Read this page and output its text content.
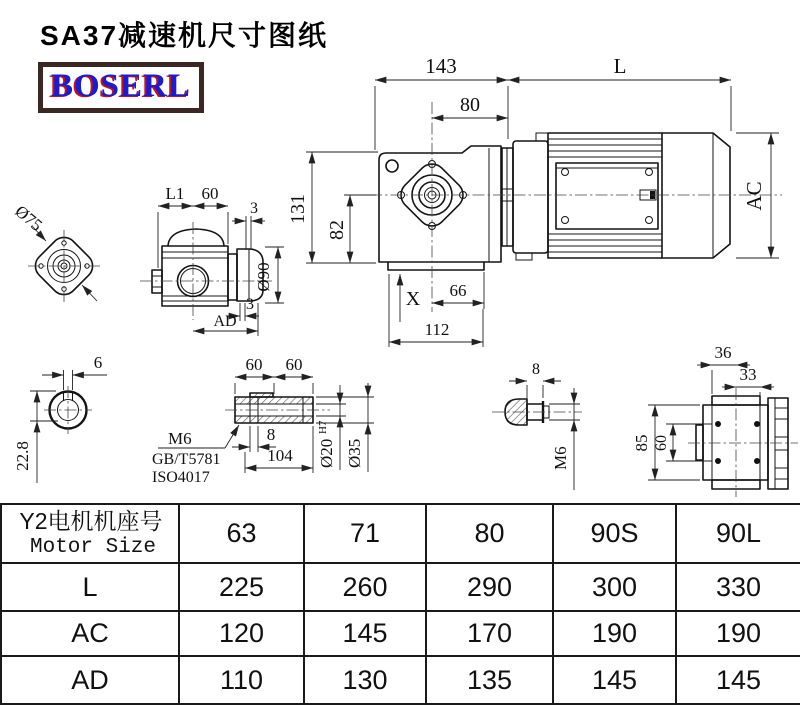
143	L
80
131
82
AC
X 66
112
Ø75
L1 60
3
Ø90
3
AD
6
22.8
60 60
8
104
M6
GB/T5781
ISO4017
Ø20
H7
Ø35
8
M6
36
33
85 60
SA37减速机尺寸图纸
BOSERL
Y2电机机座号
Motor Size	63	71	80	90S	90L
L	225	260	290	300	330
AC	120	145	170	190	190
AD	110	130	135	145	145
